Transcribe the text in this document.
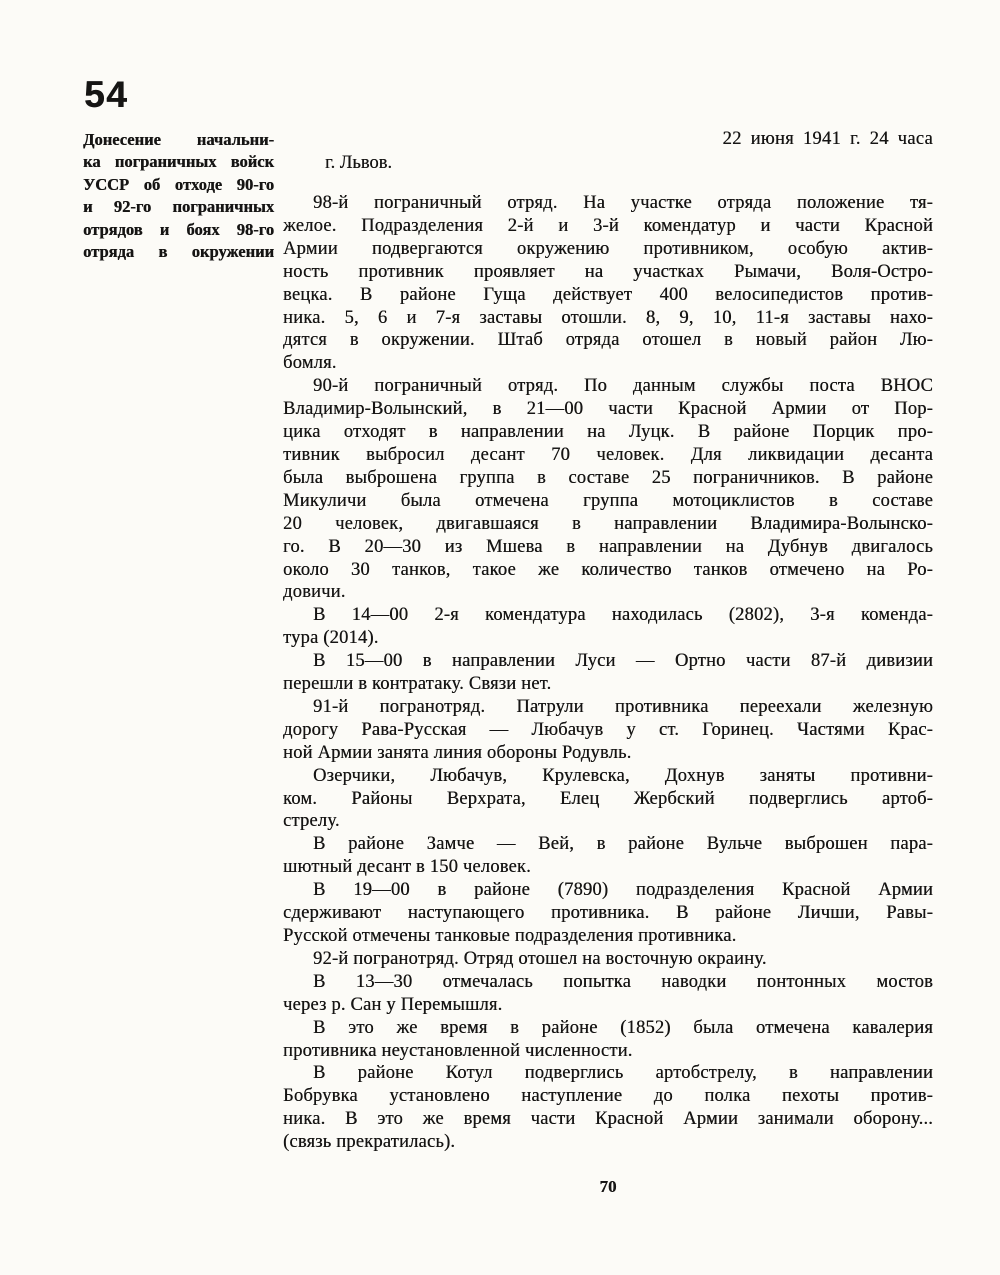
54
Донесение начальни-
ка пограничных войск
УССР об отходе 90-го
и 92-го пограничных
отрядов и боях 98-го
отряда в окружении
22 июня 1941 г. 24 часа
г. Львов.
98-й пограничный отряд. На участке отряда положение тя-
желое. Подразделения 2-й и 3-й комендатур и части Красной
Армии подвергаются окружению противником, особую актив-
ность противник проявляет на участках Рымачи, Воля-Остро-
вецка. В районе Гуща действует 400 велосипедистов против-
ника. 5, 6 и 7-я заставы отошли. 8, 9, 10, 11-я заставы нахо-
дятся в окружении. Штаб отряда отошел в новый район Лю-
бомля.
90-й пограничный отряд. По данным службы поста ВНОС
Владимир-Волынский, в 21—00 части Красной Армии от Пор-
цика отходят в направлении на Луцк. В районе Порцик про-
тивник выбросил десант 70 человек. Для ликвидации десанта
была выброшена группа в составе 25 пограничников. В районе
Микуличи была отмечена группа мотоциклистов в составе
20 человек, двигавшаяся в направлении Владимира-Волынско-
го. В 20—30 из Мшева в направлении на Дубнув двигалось
около 30 танков, такое же количество танков отмечено на Ро-
довичи.
В 14—00 2-я комендатура находилась (2802), 3-я коменда-
тура (2014).
В 15—00 в направлении Луси — Ортно части 87-й дивизии
перешли в контратаку. Связи нет.
91-й погранотряд. Патрули противника переехали железную
дорогу Рава-Русская — Любачув у ст. Горинец. Частями Крас-
ной Армии занята линия обороны Родувль.
Озерчики, Любачув, Крулевска, Дохнув заняты противни-
ком. Районы Верхрата, Елец Жербский подверглись артоб-
стрелу.
В районе Замче — Вей, в районе Вульче выброшен пара-
шютный десант в 150 человек.
В 19—00 в районе (7890) подразделения Красной Армии
сдерживают наступающего противника. В районе Личши, Равы-
Русской отмечены танковые подразделения противника.
92-й погранотряд. Отряд отошел на восточную окраину.
В 13—30 отмечалась попытка наводки понтонных мостов
через р. Сан у Перемышля.
В это же время в районе (1852) была отмечена кавалерия
противника неустановленной численности.
В районе Котул подверглись артобстрелу, в направлении
Бобрувка установлено наступление до полка пехоты против-
ника. В это же время части Красной Армии занимали оборону...
(связь прекратилась).
70
